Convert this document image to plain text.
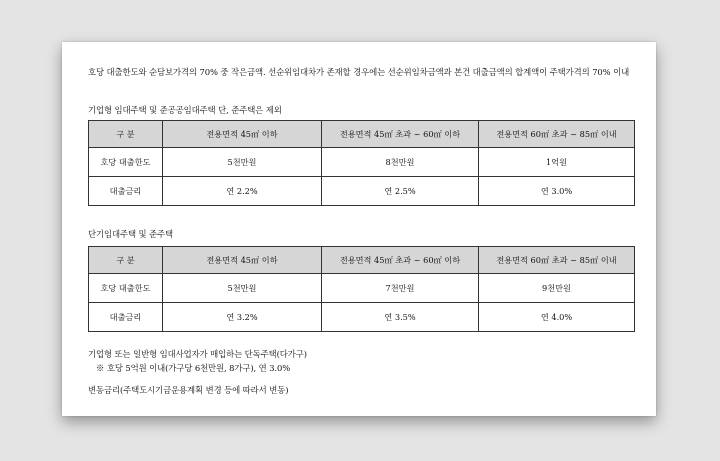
호당 대출한도와 순담보가격의 70% 중 작은금액. 선순위임대차가 존재할 경우에는 선순위임차금액과 본건 대출금액의 합계액이 주택가격의 70% 이내
기업형 임대주택 및 준공공임대주택 단, 준주택은 제외
구 분	전용면적 45㎡ 이하	전용면적 45㎡ 초과 ~ 60㎡ 이하	전용면적 60㎡ 초과 ~ 85㎡ 이내
호당 대출한도	5천만원	8천만원	1억원
대출금리	연 2.2%	연 2.5%	연 3.0%
단기임대주택 및 준주택
구 분	전용면적 45㎡ 이하	전용면적 45㎡ 초과 ~ 60㎡ 이하	전용면적 60㎡ 초과 ~ 85㎡ 이내
호당 대출한도	5천만원	7천만원	9천만원
대출금리	연 3.2%	연 3.5%	연 4.0%
기업형 또는 일반형 임대사업자가 매입하는 단독주택(다가구)
※ 호당 5억원 이내(가구당 6천만원, 8가구), 연 3.0%
변동금리(주택도시기금운용계획 변경 등에 따라서 변동)
